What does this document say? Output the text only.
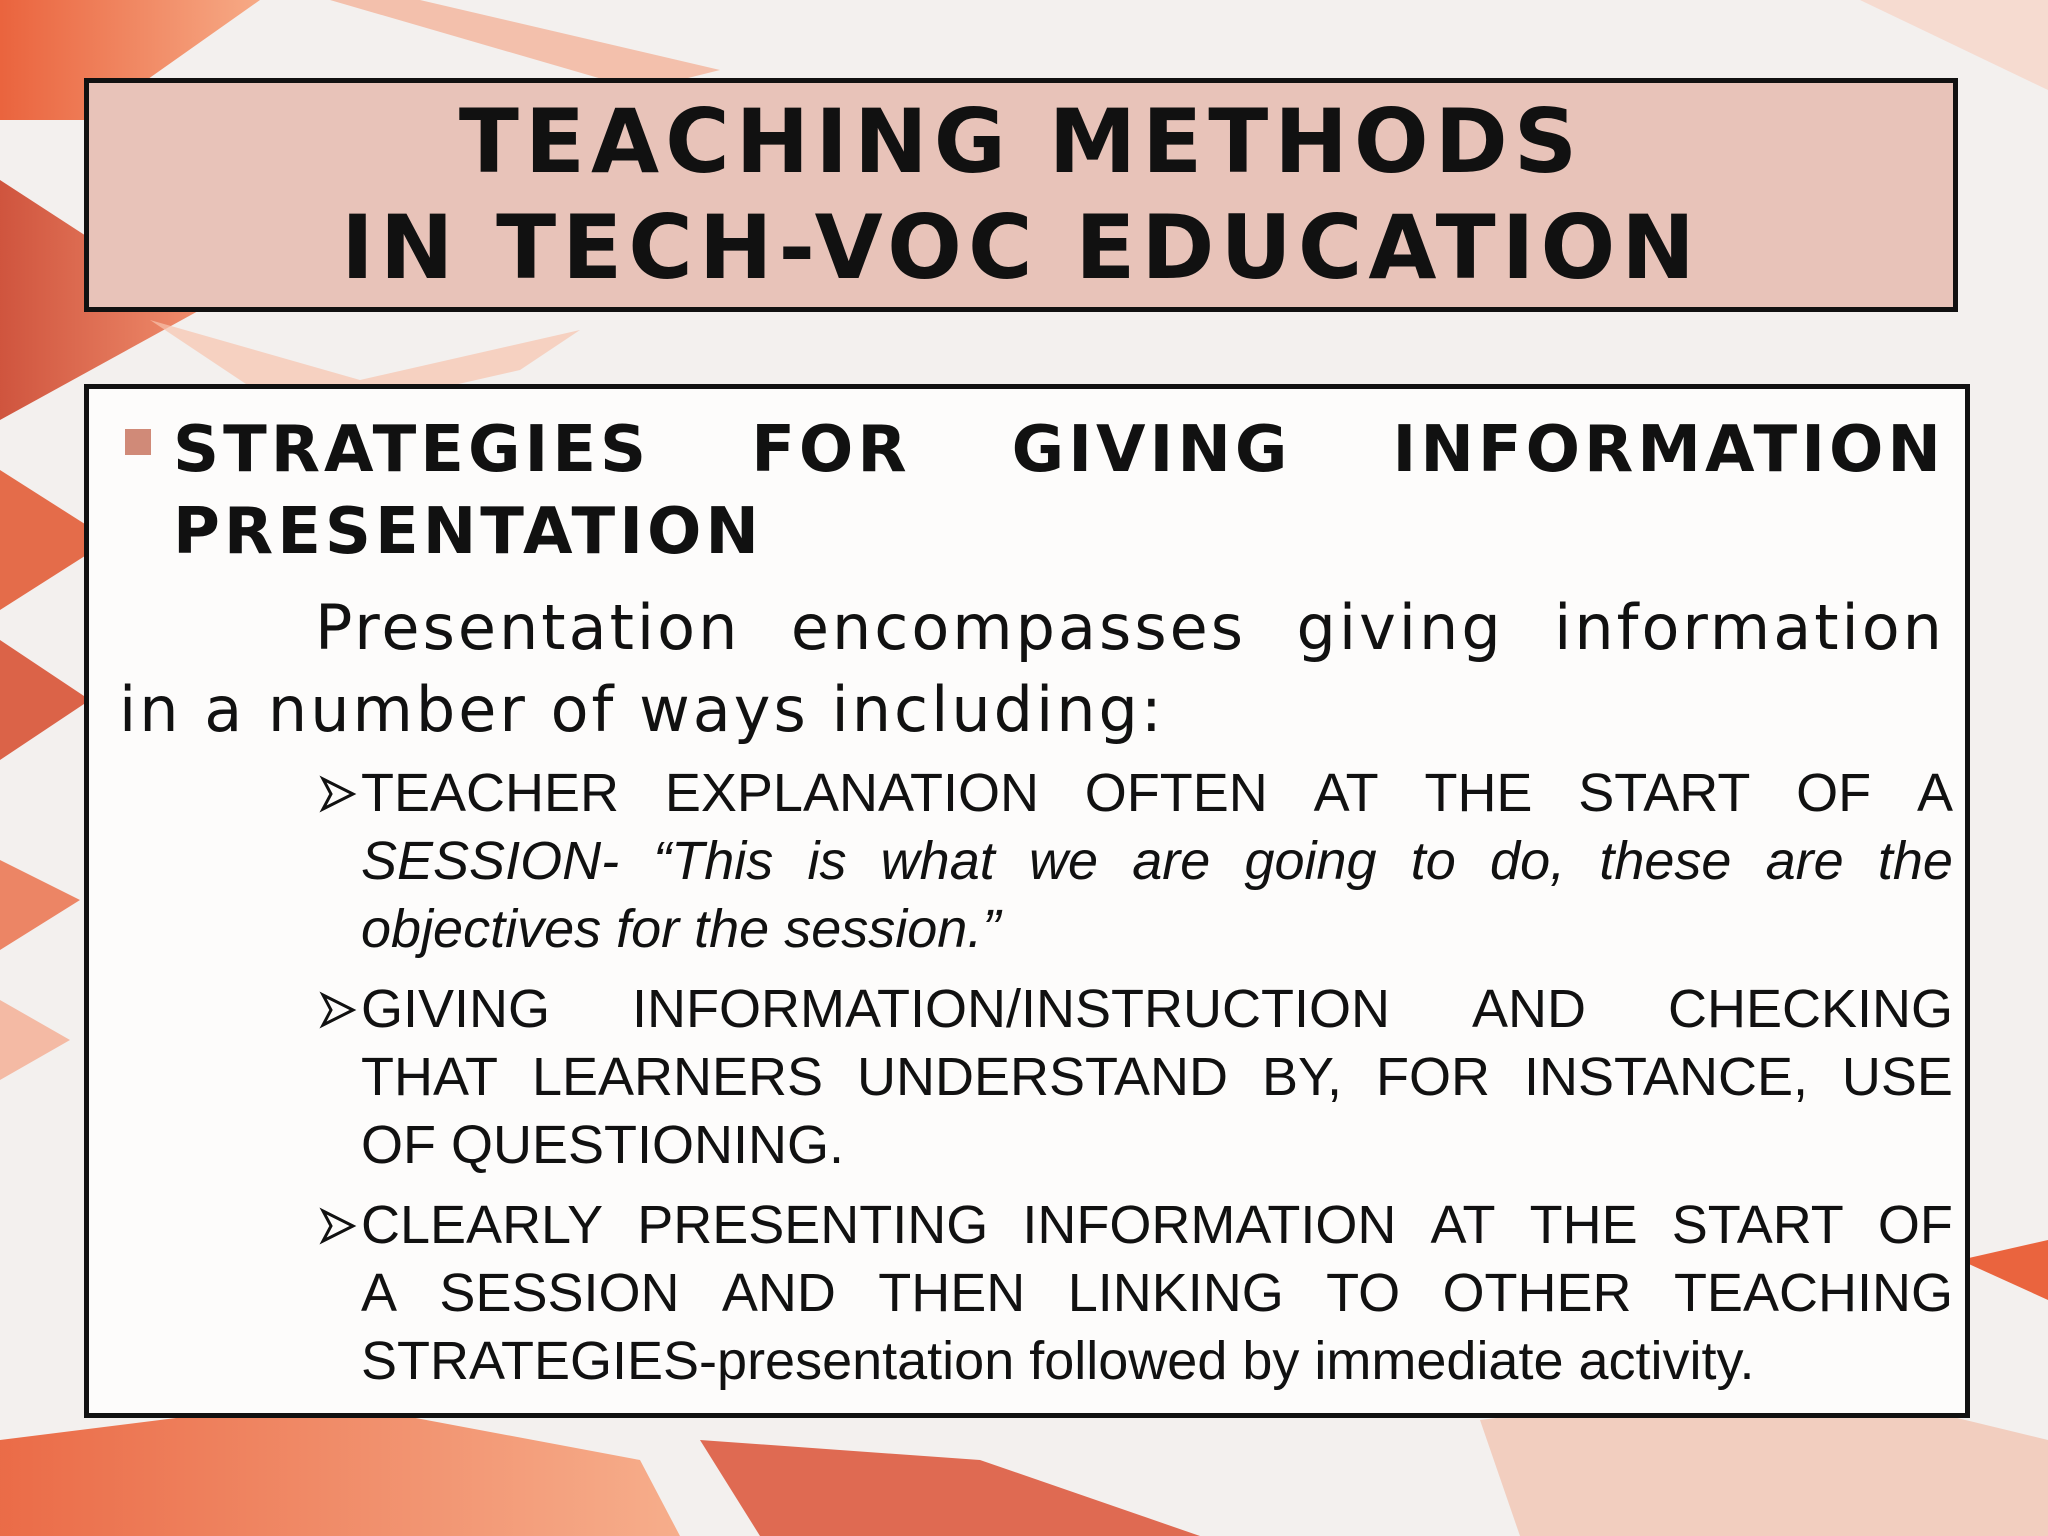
TEACHING METHODS
IN TECH-VOC EDUCATION
STRATEGIES FOR GIVING INFORMATION
PRESENTATION
Presentation encompasses giving information
in a number of ways including:
TEACHER EXPLANATION OFTEN AT THE START OF A
SESSION- “This is what we are going to do, these are the
objectives for the session.”
GIVING INFORMATION/INSTRUCTION AND CHECKING
THAT LEARNERS UNDERSTAND BY, FOR INSTANCE, USE
OF QUESTIONING.
CLEARLY PRESENTING INFORMATION AT THE START OF
A SESSION AND THEN LINKING TO OTHER TEACHING
STRATEGIES-presentation followed by immediate activity.
